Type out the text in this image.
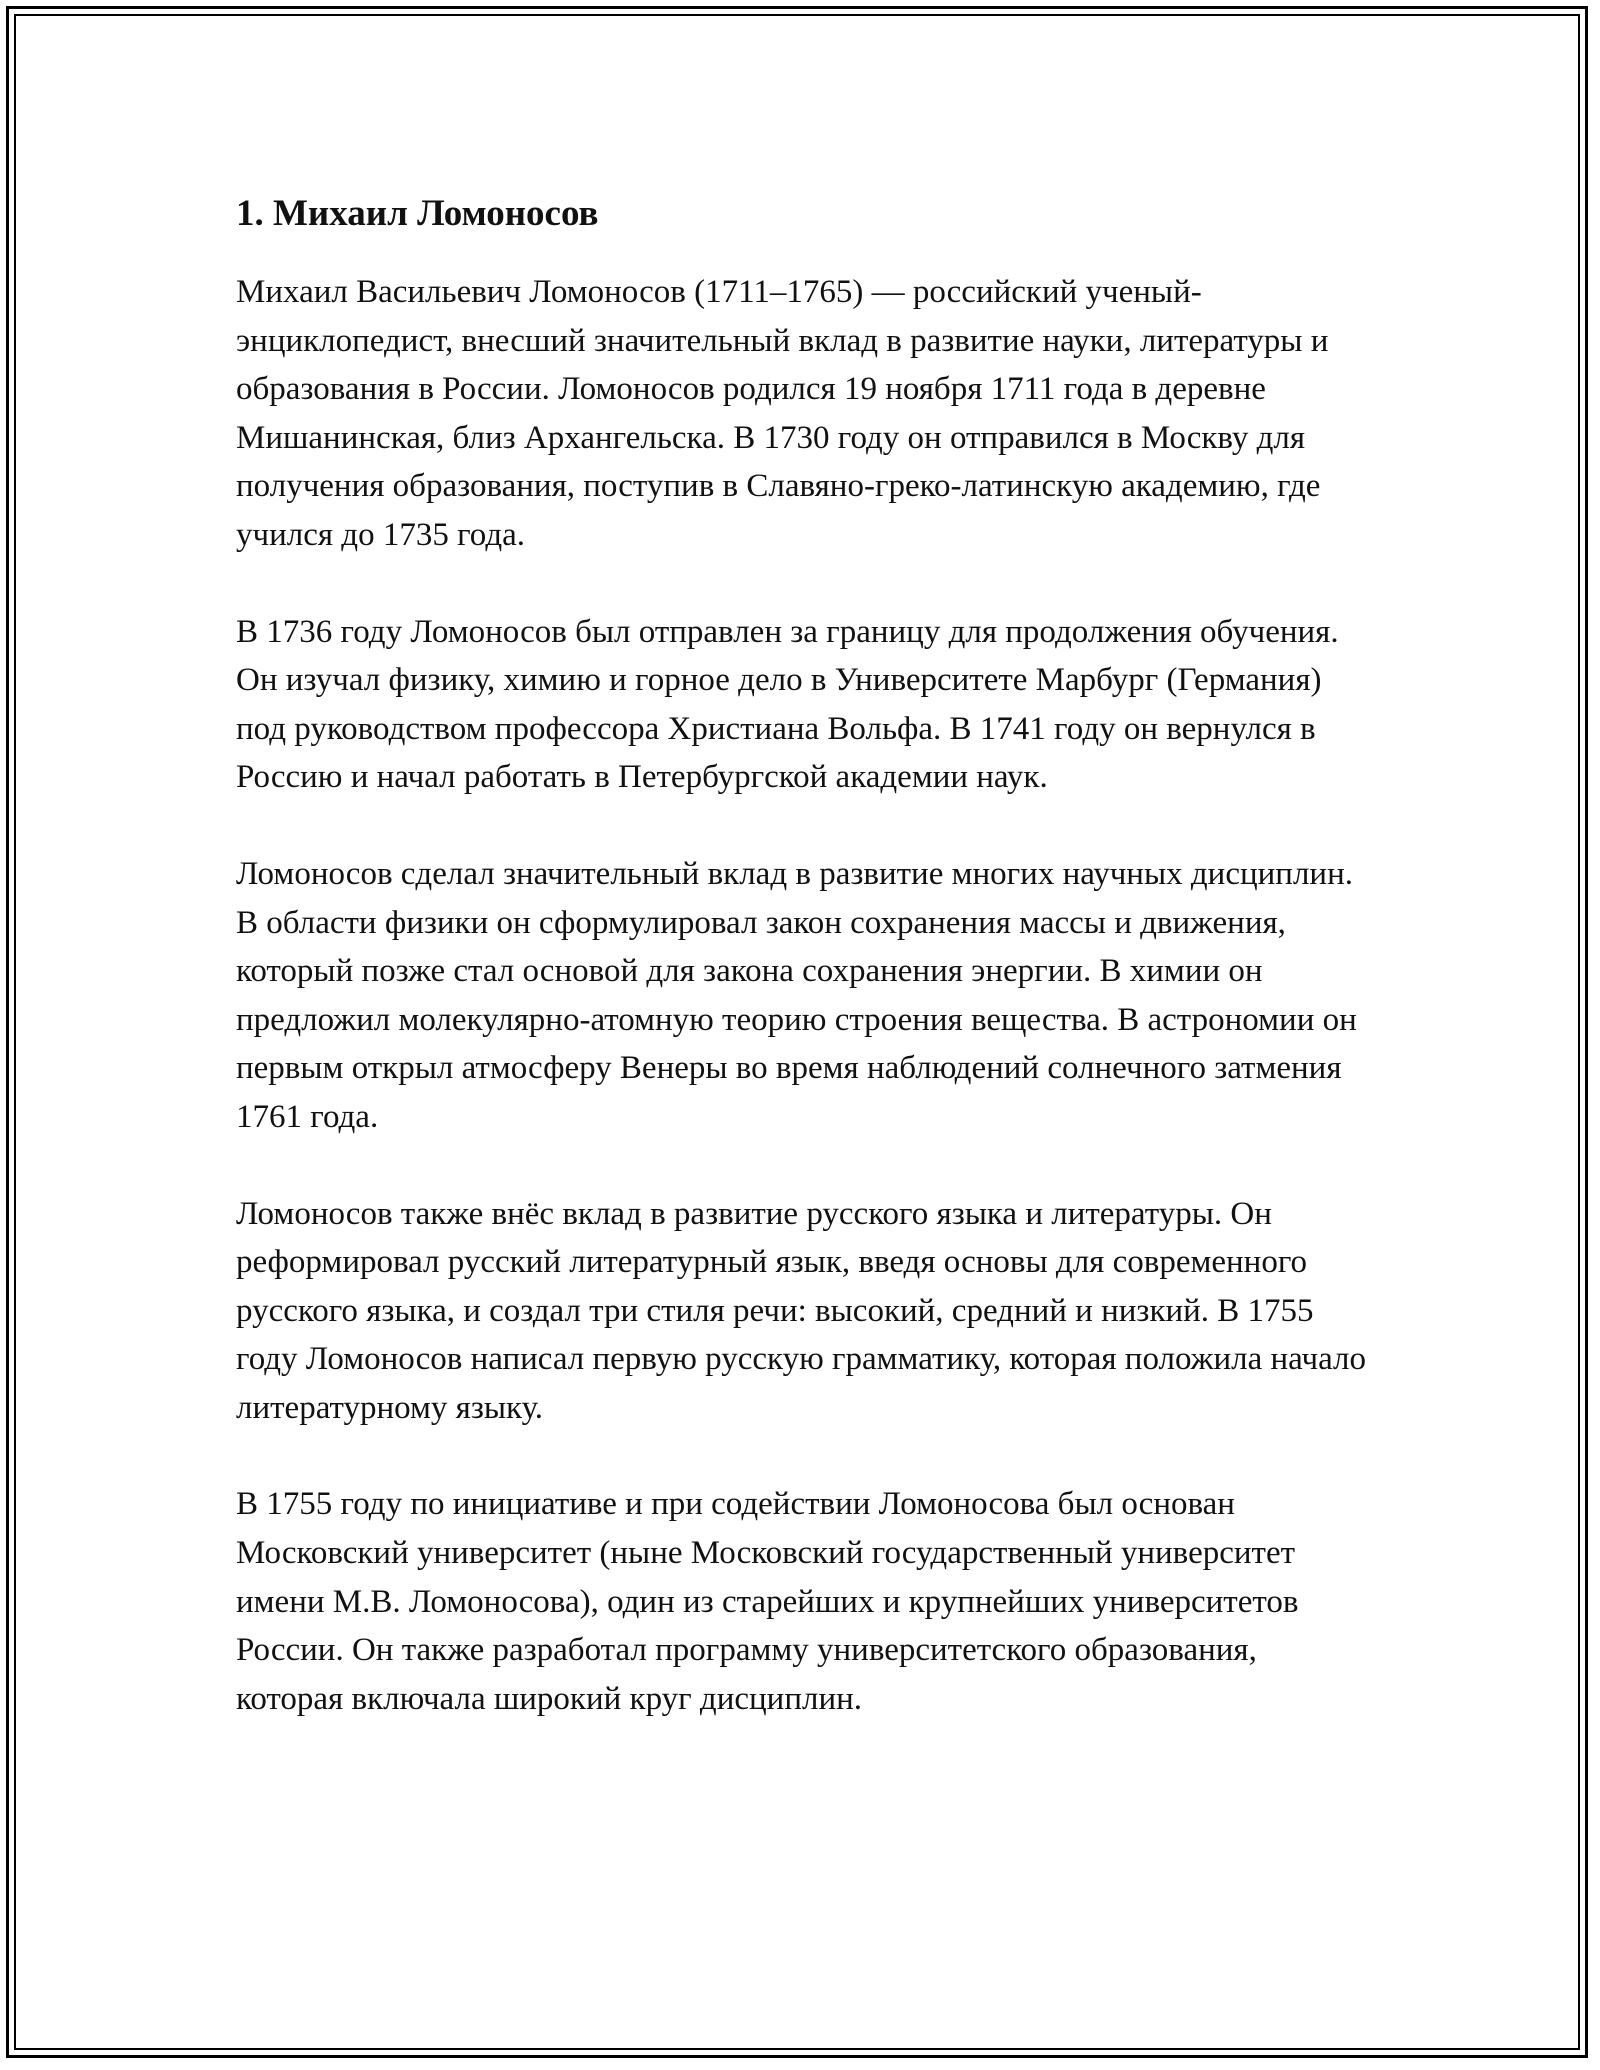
1. Михаил Ломоносов

Михаил Васильевич Ломоносов (1711–1765) — российский ученый-энциклопедист, внесший значительный вклад в развитие науки, литературы и образования в России. Ломоносов родился 19 ноября 1711 года в деревне Мишанинская, близ Архангельска. В 1730 году он отправился в Москву для получения образования, поступив в Славяно-греко-латинскую академию, где учился до 1735 года.

В 1736 году Ломоносов был отправлен за границу для продолжения обучения. Он изучал физику, химию и горное дело в Университете Марбург (Германия) под руководством профессора Христиана Вольфа. В 1741 году он вернулся в Россию и начал работать в Петербургской академии наук.

Ломоносов сделал значительный вклад в развитие многих научных дисциплин. В области физики он сформулировал закон сохранения массы и движения, который позже стал основой для закона сохранения энергии. В химии он предложил молекулярно-атомную теорию строения вещества. В астрономии он первым открыл атмосферу Венеры во время наблюдений солнечного затмения 1761 года.

Ломоносов также внёс вклад в развитие русского языка и литературы. Он реформировал русский литературный язык, введя основы для современного русского языка, и создал три стиля речи: высокий, средний и низкий. В 1755 году Ломоносов написал первую русскую грамматику, которая положила начало литературному языку.

В 1755 году по инициативе и при содействии Ломоносова был основан Московский университет (ныне Московский государственный университет имени М.В. Ломоносова), один из старейших и крупнейших университетов России. Он также разработал программу университетского образования, которая включала широкий круг дисциплин.
